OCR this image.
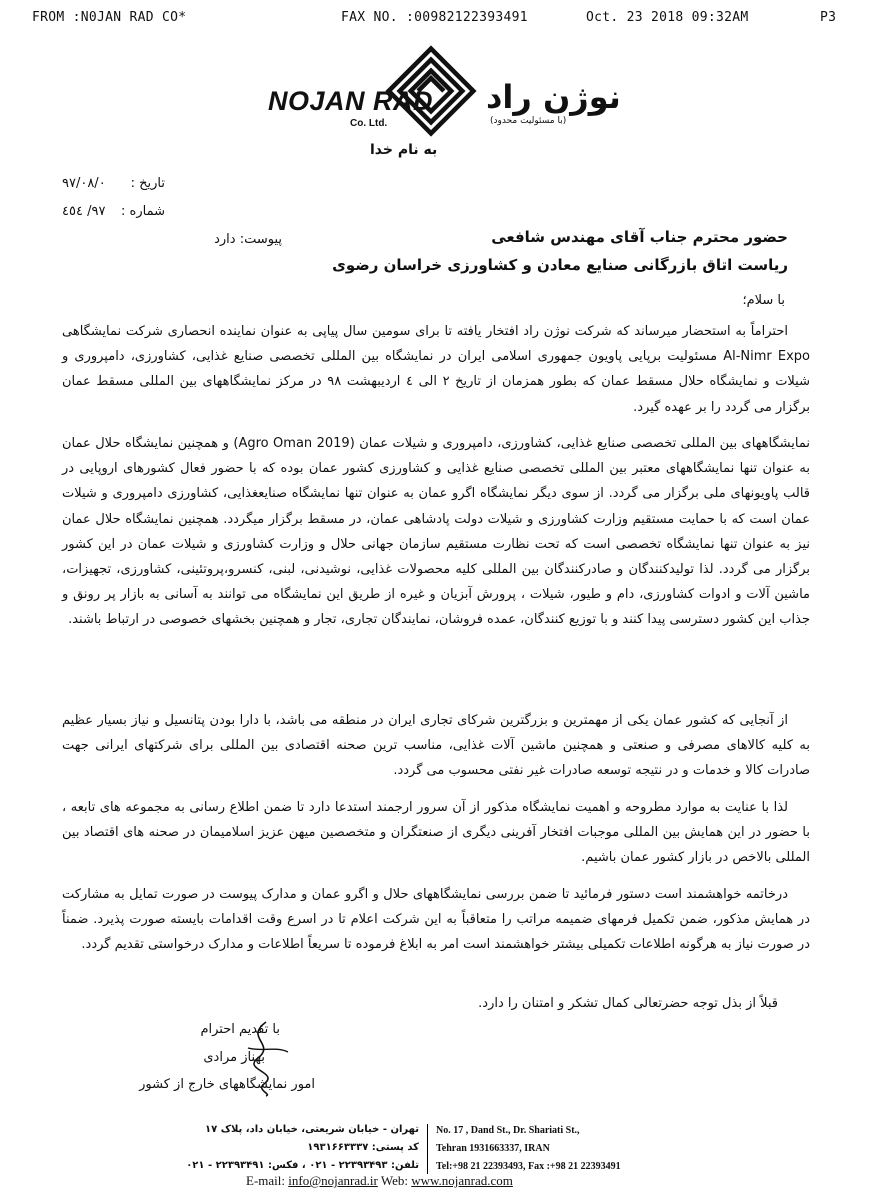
FROM :N0JAN RAD CO*	FAX NO. :00982122393491	Oct. 23 2018 09:32AM	P3
NOJAN RAD
Co. Ltd.
نوژن راد
(با مسئولیت محدود)
به نام خدا
تاریخ :
۹۷/۰۸/۰
شماره :
۹۷/ ٤٥٤
پیوست: دارد	حضور محترم جناب آقای مهندس شافعی
ریاست اتاق بازرگانی صنایع معادن و کشاورزی خراسان رضوی
با سلام؛

احتراماً به استحضار میرساند که شرکت نوژن راد افتخار یافته تا برای سومین سال پیاپی به عنوان نماینده انحصاری شرکت نمایشگاهی Al-Nimr Expo مسئولیت برپایی پاویون جمهوری اسلامی ایران در نمایشگاه بین المللی تخصصی صنایع غذایی، کشاورزی، دامپروری و شیلات و نمایشگاه حلال مسقط عمان که بطور همزمان از تاریخ ۲ الی ٤ اردیبهشت ۹۸ در مرکز نمایشگاههای بین المللی مسقط عمان برگزار می گردد را بر عهده گیرد.

نمایشگاههای بین المللی تخصصی صنایع غذایی، کشاورزی، دامپروری و شیلات عمان (Agro Oman 2019) و همچنین نمایشگاه حلال عمان به عنوان تنها نمایشگاههای معتبر بین المللی تخصصی صنایع غذایی و کشاورزی کشور عمان بوده که با حضور فعال کشورهای اروپایی در قالب پاویونهای ملی برگزار می گردد. از سوی دیگر نمایشگاه اگرو عمان به عنوان تنها نمایشگاه صنایعغذایی، کشاورزی دامپروری و شیلات عمان است که با حمایت مستقیم وزارت کشاورزی و شیلات دولت پادشاهی عمان، در مسقط برگزار میگردد. همچنین نمایشگاه حلال عمان نیز به عنوان تنها نمایشگاه تخصصی است که تحت نظارت مستقیم سازمان جهانی حلال و وزارت کشاورزی و شیلات عمان در این کشور برگزار می گردد. لذا تولیدکنندگان و صادرکنندگان بین المللی کلیه محصولات غذایی، نوشیدنی، لبنی، کنسرو،پروتئینی، کشاورزی، تجهیزات، ماشین آلات و ادوات کشاورزی، دام و طیور، شیلات ، پرورش آبزیان و غیره از طریق این نمایشگاه می توانند به آسانی به بازار پر رونق و جذاب این کشور دسترسی پیدا کنند و با توزیع کنندگان، عمده فروشان، نمایندگان تجاری، تجار و همچنین بخشهای خصوصی در ارتباط باشند.

از آنجایی که کشور عمان یکی از مهمترین و بزرگترین شرکای تجاری ایران در منطقه می باشد، با دارا بودن پتانسیل و نیاز بسیار عظیم به کلیه کالاهای مصرفی و صنعتی و همچنین ماشین آلات غذایی، مناسب ترین صحنه اقتصادی بین المللی برای شرکتهای ایرانی جهت صادرات کالا و خدمات و در نتیجه توسعه صادرات غیر نفتی محسوب می گردد.

لذا با عنایت به موارد مطروحه و اهمیت نمایشگاه مذکور از آن سرور ارجمند استدعا دارد تا ضمن اطلاع رسانی به مجموعه های تابعه ، با حضور در این همایش بین المللی موجبات افتخار آفرینی دیگری از صنعتگران و متخصصین میهن عزیز اسلامیمان در صحنه های اقتصاد بین المللی بالاخص در بازار کشور عمان باشیم.

درخاتمه خواهشمند است دستور فرمائید تا ضمن بررسی نمایشگاههای حلال و اگرو عمان و مدارک پیوست در صورت تمایل به مشارکت در همایش مذکور، ضمن تکمیل فرمهای ضمیمه مراتب را متعاقباً به این شرکت اعلام تا در اسرع وقت اقدامات بایسته صورت پذیرد. ضمناً در صورت نیاز به هرگونه اطلاعات تکمیلی بیشتر خواهشمند است امر به ابلاغ فرموده تا سریعاً اطلاعات و مدارک درخواستی تقدیم گردد.

قبلاً از بذل توجه حضرتعالی کمال تشکر و امتنان را دارد.
با تقدیم احترام
بهناز مرادی
امور نمایشگاههای خارج از کشور
تهران - خیابان شریعتی، خیابان داد، پلاک ۱۷
کد پستی: ۱۹۳۱۶۶۳۳۳۷
تلفن: ۲۲۳۹۳۴۹۳ - ۰۲۱ ، فکس: ۲۲۳۹۳۴۹۱ - ۰۲۱
No. 17 , Dand St., Dr. Shariati St.,
Tehran 1931663337, IRAN
Tel:+98 21 22393493, Fax :+98 21 22393491
E-mail: info@nojanrad.ir Web: www.nojanrad.com
